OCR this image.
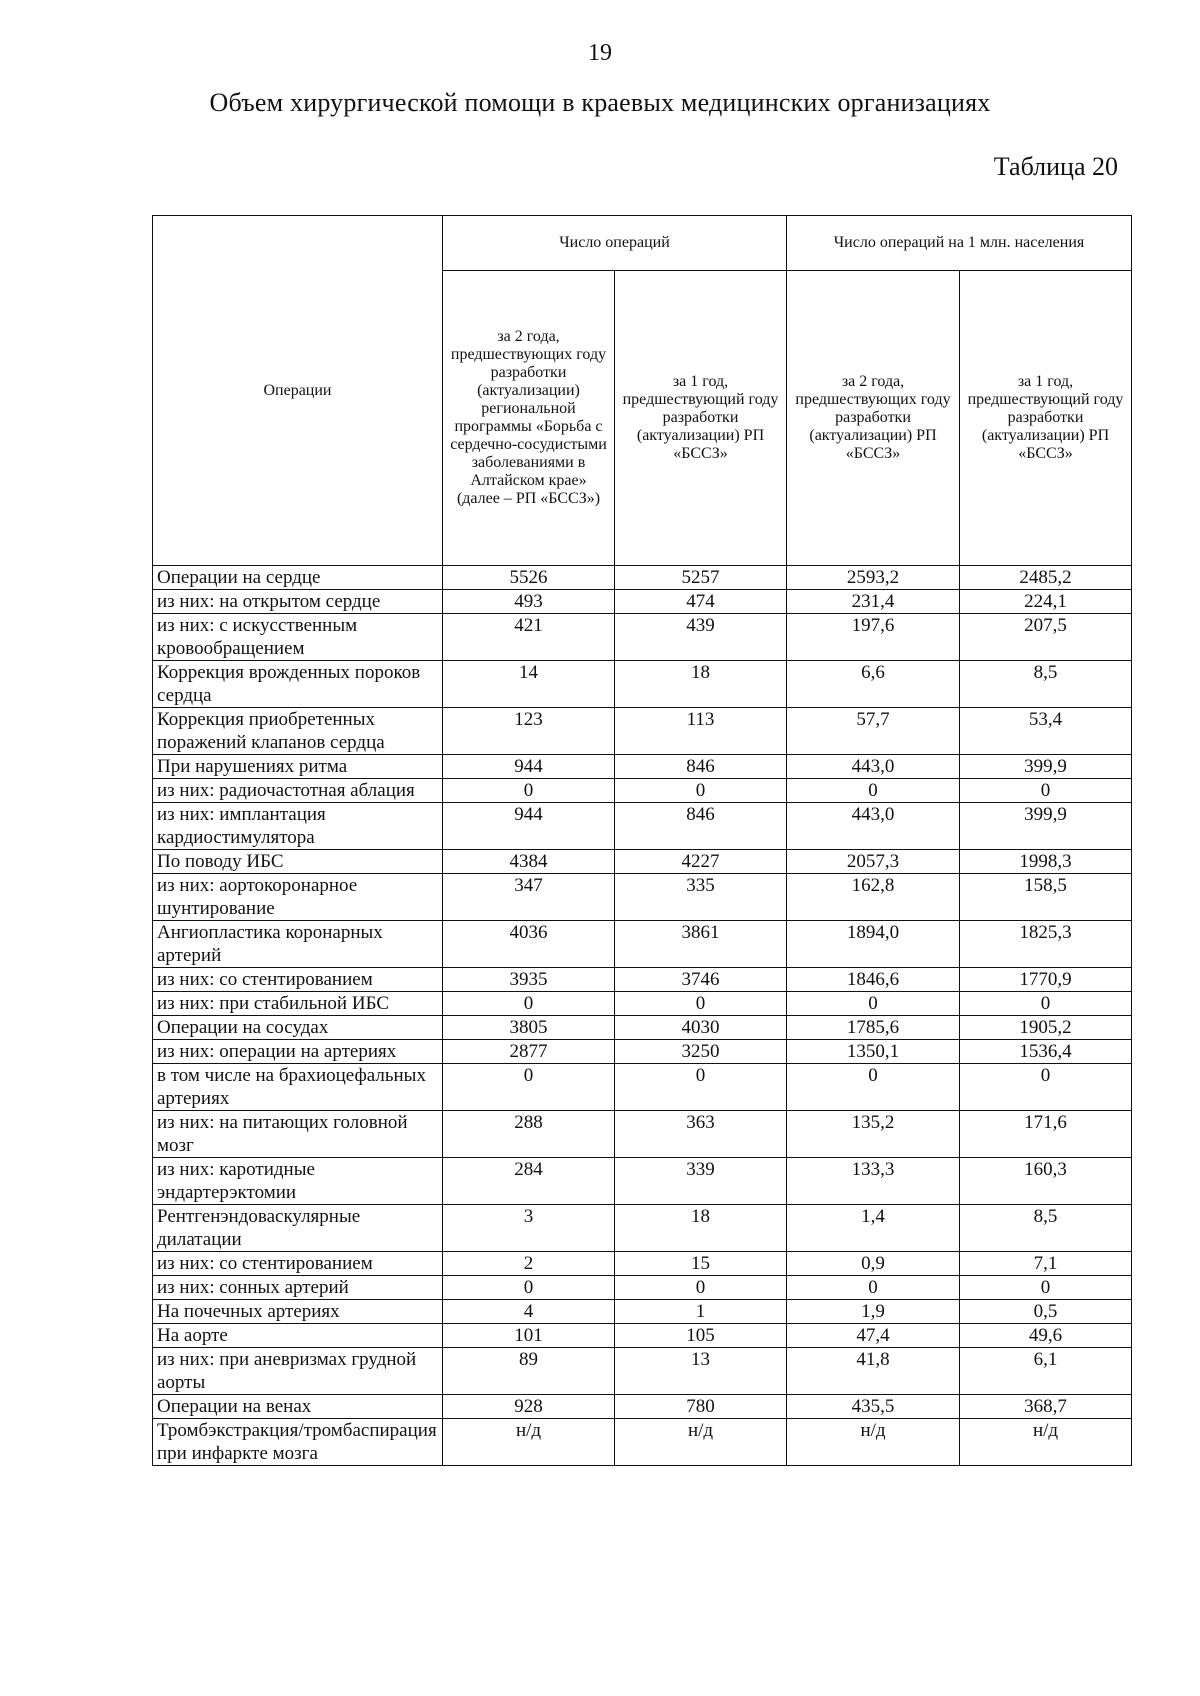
19
Объем хирургической помощи в краевых медицинских организациях
Таблица 20
Операции	Число операций		Число операций на 1 млн. населения	
	за 2 года, предшествующих году разработки (актуализации) региональной программы «Борьба с сердечно-сосудистыми заболеваниями в Алтайском крае» (далее – РП «БССЗ»)	за 1 год, предшествующий году разработки (актуализации) РП «БССЗ»	за 2 года, предшествующих году разработки (актуализации) РП «БССЗ»	за 1 год, предшествующий году разработки (актуализации) РП «БССЗ»
Операции на сердце	5526	5257	2593,2	2485,2
из них: на открытом сердце	493	474	231,4	224,1
из них: с искусственным кровообращением	421	439	197,6	207,5
Коррекция врожденных пороков сердца	14	18	6,6	8,5
Коррекция приобретенных поражений клапанов сердца	123	113	57,7	53,4
При нарушениях ритма	944	846	443,0	399,9
из них: радиочастотная аблация	0	0	0	0
из них: имплантация кардиостимулятора	944	846	443,0	399,9
По поводу ИБС	4384	4227	2057,3	1998,3
из них: аортокоронарное шунтирование	347	335	162,8	158,5
Ангиопластика коронарных артерий	4036	3861	1894,0	1825,3
из них: со стентированием	3935	3746	1846,6	1770,9
из них: при стабильной ИБС	0	0	0	0
Операции на сосудах	3805	4030	1785,6	1905,2
из них: операции на артериях	2877	3250	1350,1	1536,4
в том числе на брахиоцефальных артериях	0	0	0	0
из них: на питающих головной мозг	288	363	135,2	171,6
из них: каротидные эндартерэктомии	284	339	133,3	160,3
Рентгенэндоваскулярные дилатации	3	18	1,4	8,5
из них: со стентированием	2	15	0,9	7,1
из них: сонных артерий	0	0	0	0
На почечных артериях	4	1	1,9	0,5
На аорте	101	105	47,4	49,6
из них: при аневризмах грудной аорты	89	13	41,8	6,1
Операции на венах	928	780	435,5	368,7
Тромбэкстракция/тромбаспирация при инфаркте мозга	н/д	н/д	н/д	н/д
